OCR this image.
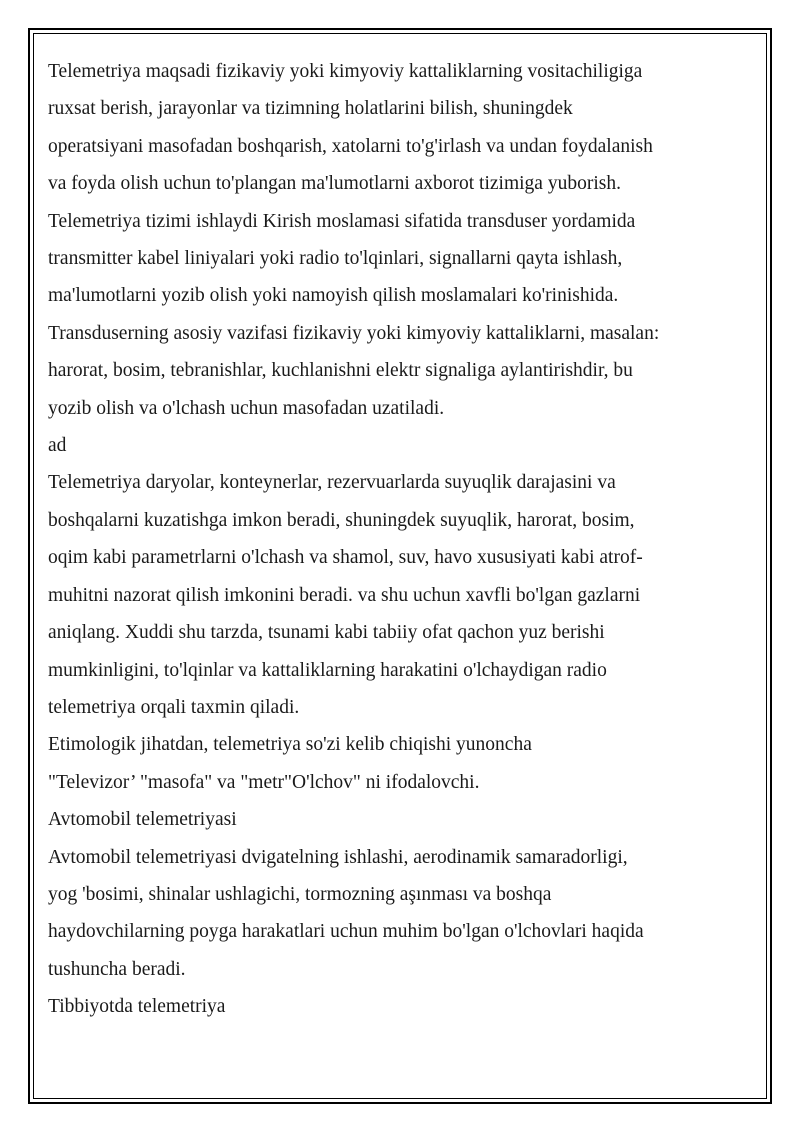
Telemetriya maqsadi fizikaviy yoki kimyoviy kattaliklarning vositachiligiga
ruxsat berish, jarayonlar va tizimning holatlarini bilish, shuningdek
operatsiyani masofadan boshqarish, xatolarni to'g'irlash va undan foydalanish
va foyda olish uchun to'plangan ma'lumotlarni axborot tizimiga yuborish.
Telemetriya tizimi ishlaydi Kirish moslamasi sifatida transduser yordamida
transmitter kabel liniyalari yoki radio to'lqinlari, signallarni qayta ishlash,
ma'lumotlarni yozib olish yoki namoyish qilish moslamalari ko'rinishida.
Transduserning asosiy vazifasi fizikaviy yoki kimyoviy kattaliklarni, masalan:
harorat, bosim, tebranishlar, kuchlanishni elektr signaliga aylantirishdir, bu
yozib olish va o'lchash uchun masofadan uzatiladi.
ad
Telemetriya daryolar, konteynerlar, rezervuarlarda suyuqlik darajasini va
boshqalarni kuzatishga imkon beradi, shuningdek suyuqlik, harorat, bosim,
oqim kabi parametrlarni o'lchash va shamol, suv, havo xususiyati kabi atrof-
muhitni nazorat qilish imkonini beradi. va shu uchun xavfli bo'lgan gazlarni
aniqlang. Xuddi shu tarzda, tsunami kabi tabiiy ofat qachon yuz berishi
mumkinligini, to'lqinlar va kattaliklarning harakatini o'lchaydigan radio
telemetriya orqali taxmin qiladi.
Etimologik jihatdan, telemetriya so'zi kelib chiqishi yunoncha
"Televizor’ "masofa" va "metr"O'lchov" ni ifodalovchi.
Avtomobil telemetriyasi
Avtomobil telemetriyasi dvigatelning ishlashi, aerodinamik samaradorligi,
yog 'bosimi, shinalar ushlagichi, tormozning aşınması va boshqa
haydovchilarning poyga harakatlari uchun muhim bo'lgan o'lchovlari haqida
tushuncha beradi.
Tibbiyotda telemetriya
